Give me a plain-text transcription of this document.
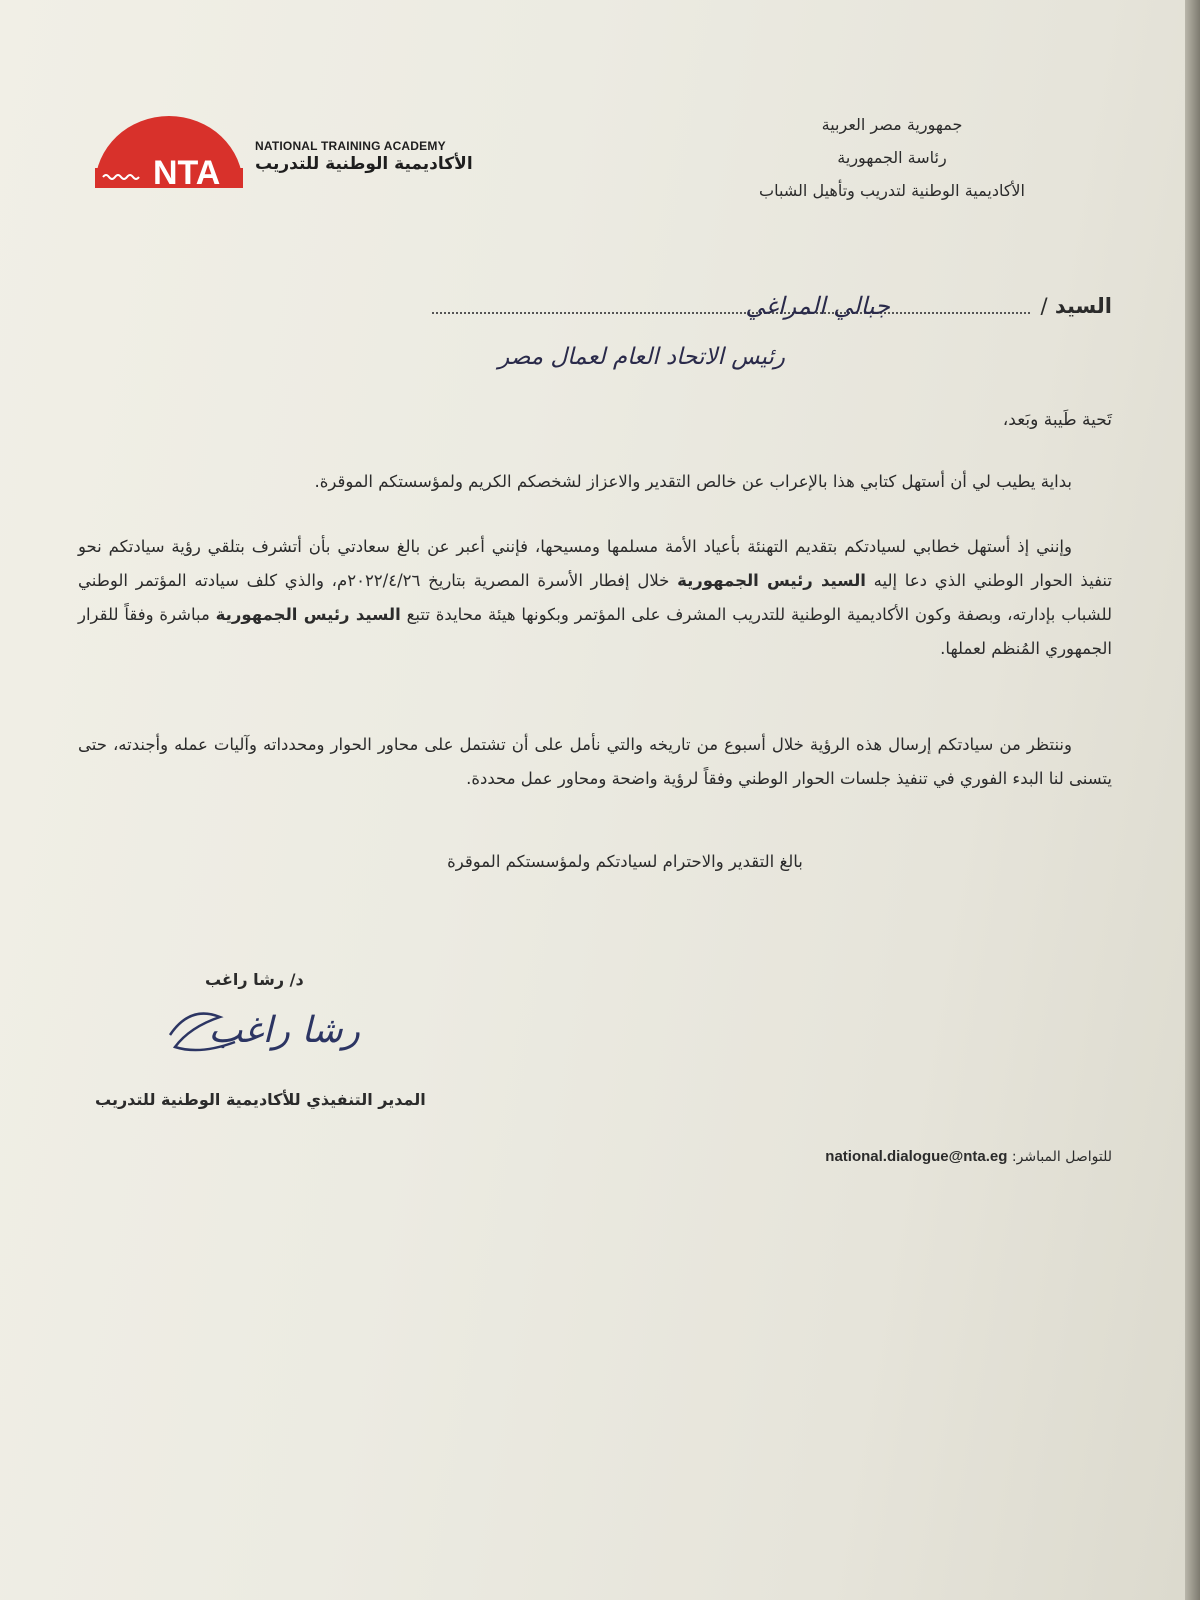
NTA
NATIONAL TRAINING ACADEMY
الأكاديمية الوطنية للتدريب
جمهورية مصر العربية
رئاسة الجمهورية
الأكاديمية الوطنية لتدريب وتأهيل الشباب
السيد /
جبالي المراغي
رئيس الاتحاد العام لعمال مصر
تَحية طَيبة وبَعد،
بداية يطيب لي أن أستهل كتابي هذا بالإعراب عن خالص التقدير والاعزاز لشخصكم الكريم ولمؤسستكم الموقرة.
وإنني إذ أستهل خطابي لسيادتكم بتقديم التهنئة بأعياد الأمة مسلمها ومسيحها، فإنني أعبر عن بالغ سعادتي بأن أتشرف بتلقي رؤية سيادتكم نحو تنفيذ الحوار الوطني الذي دعا إليه السيد رئيس الجمهورية خلال إفطار الأسرة المصرية بتاريخ ٢٠٢٢/٤/٢٦م، والذي كلف سيادته المؤتمر الوطني للشباب بإدارته، وبصفة وكون الأكاديمية الوطنية للتدريب المشرف على المؤتمر وبكونها هيئة محايدة تتبع السيد رئيس الجمهورية مباشرة وفقاً للقرار الجمهوري المُنظم لعملها.
وننتظر من سيادتكم إرسال هذه الرؤية خلال أسبوع من تاريخه والتي نأمل على أن تشتمل على محاور الحوار ومحدداته وآليات عمله وأجندته، حتى يتسنى لنا البدء الفوري في تنفيذ جلسات الحوار الوطني وفقاً لرؤية واضحة ومحاور عمل محددة.
بالغ التقدير والاحترام لسيادتكم ولمؤسستكم الموقرة
د/ رشا راغب
رشا راغب
المدير التنفيذي للأكاديمية الوطنية للتدريب
للتواصل المباشر: national.dialogue@nta.eg
